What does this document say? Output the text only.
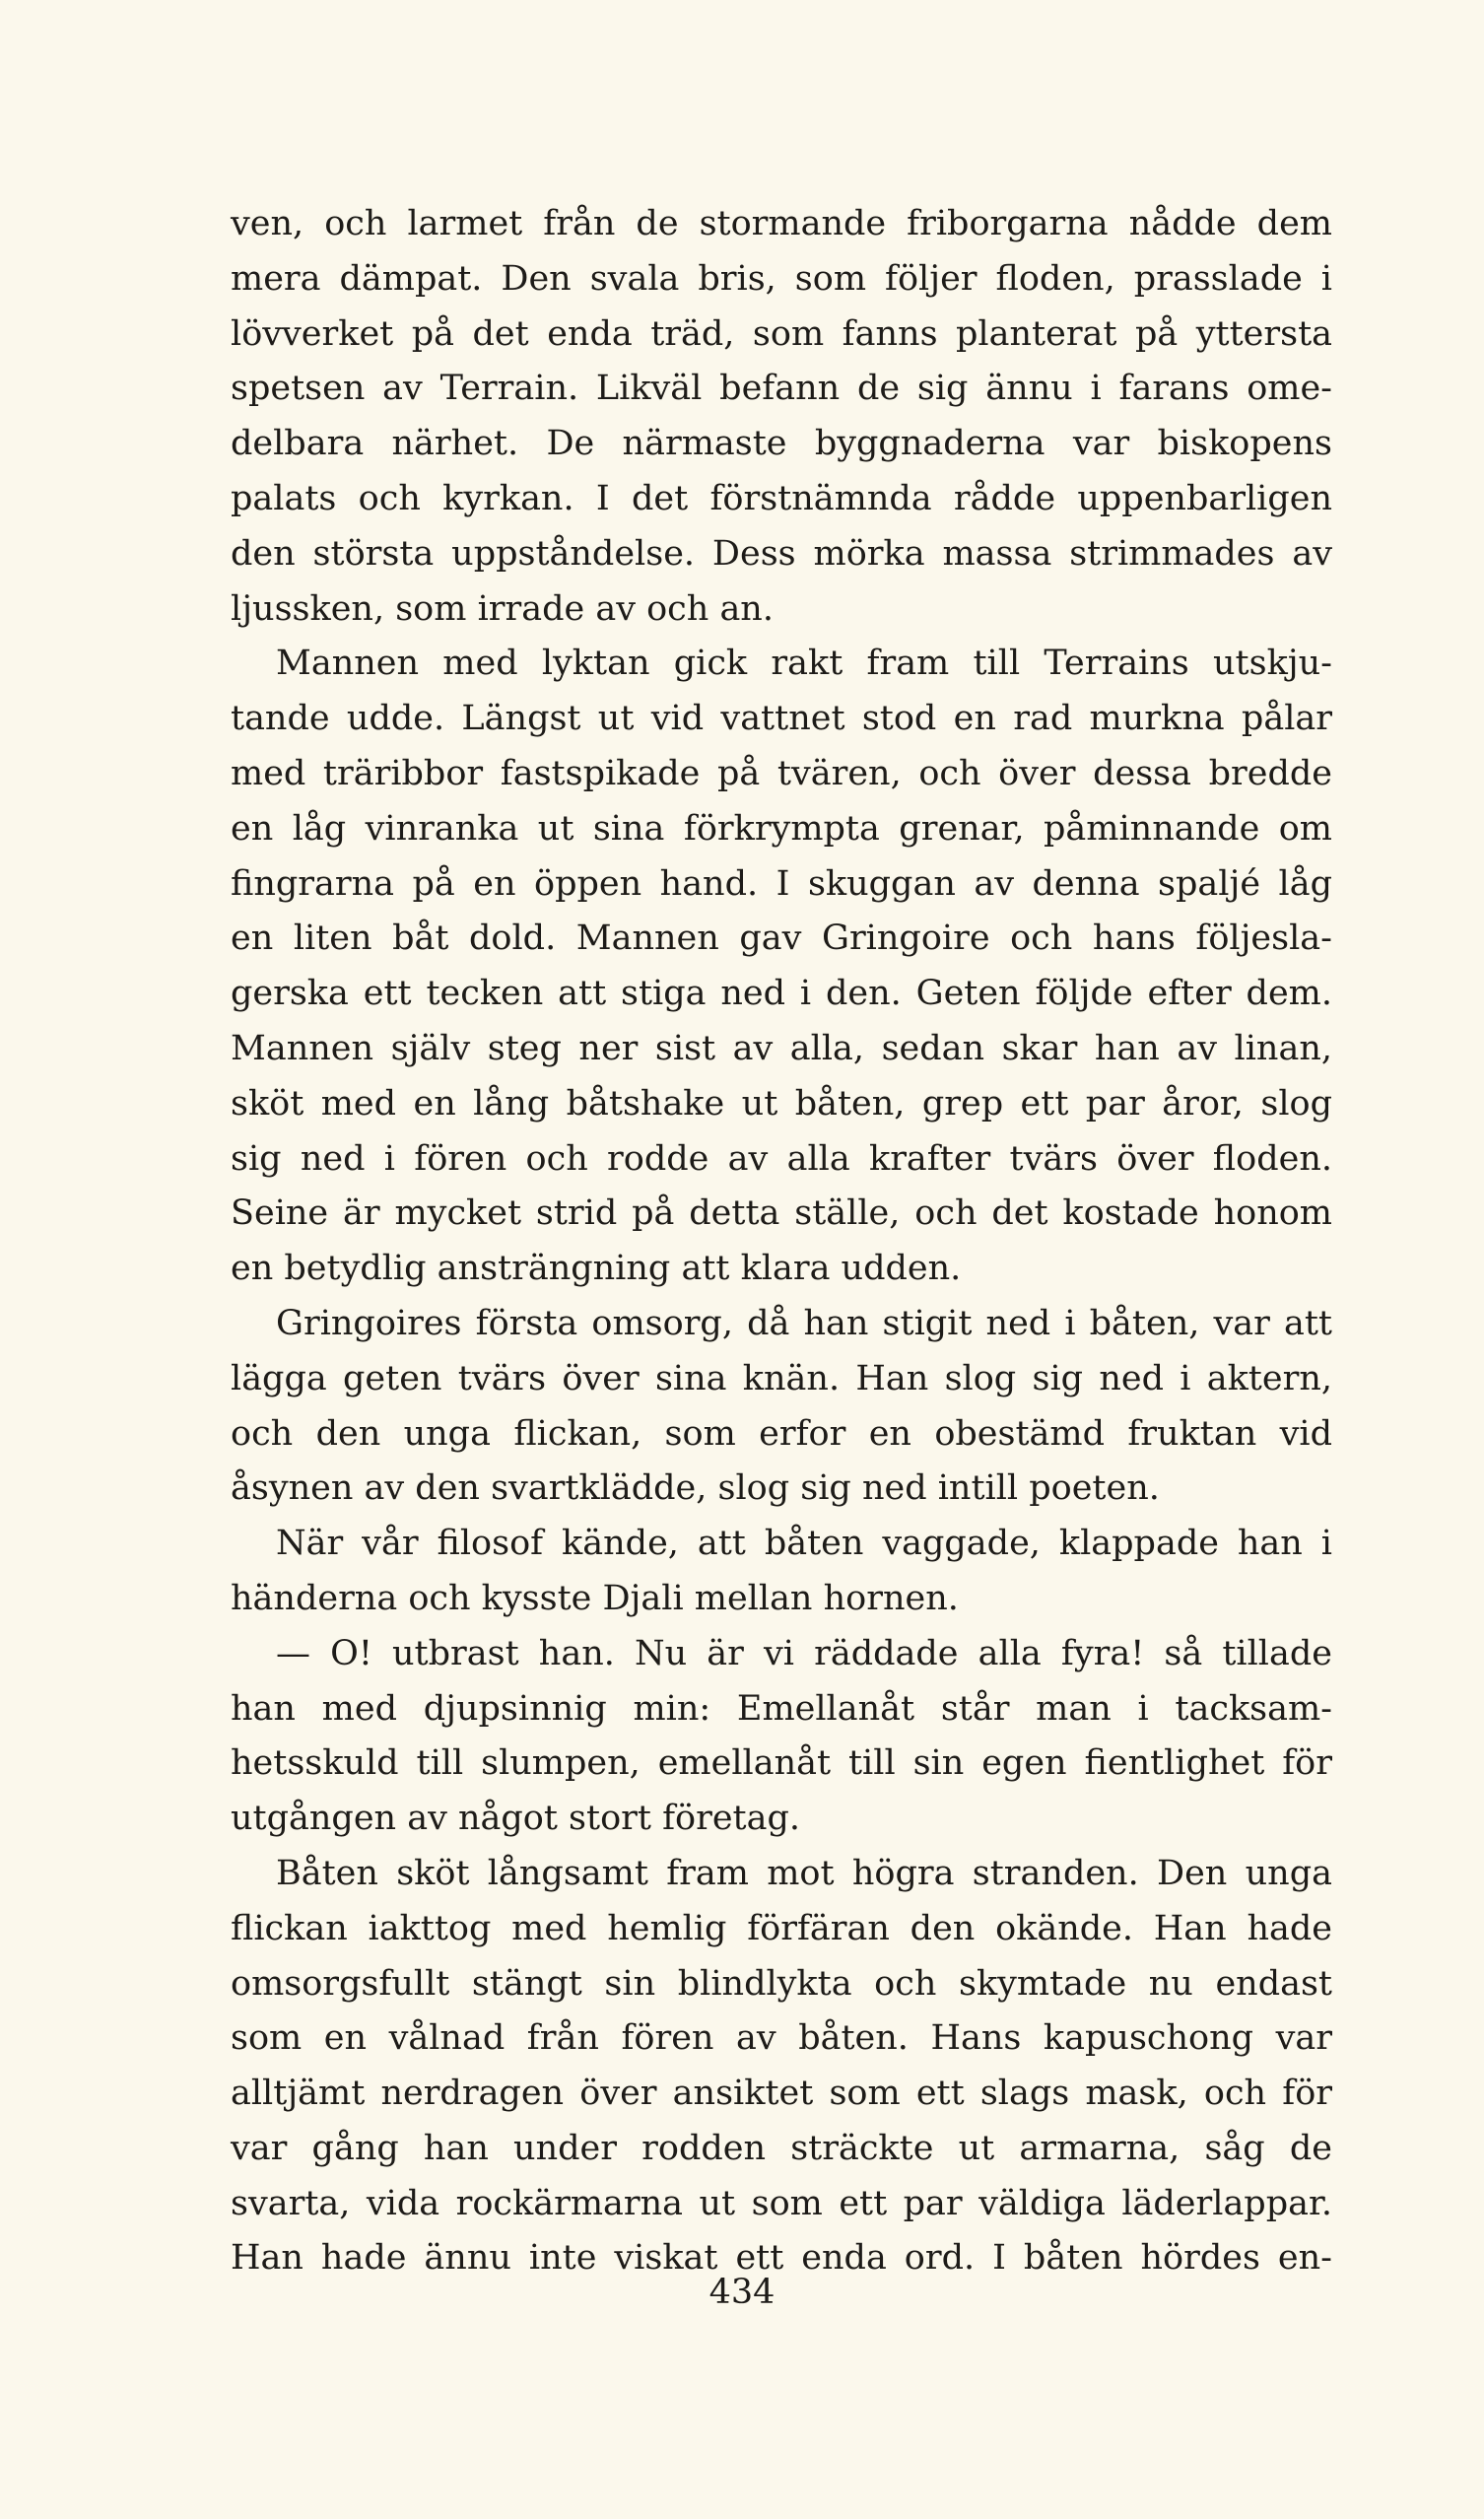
ven, och larmet från de stormande friborgarna nådde dem
mera dämpat. Den svala bris, som följer floden, prasslade i
lövverket på det enda träd, som fanns planterat på yttersta
spetsen av Terrain. Likväl befann de sig ännu i farans ome-
delbara närhet. De närmaste byggnaderna var biskopens
palats och kyrkan. I det förstnämnda rådde uppenbarligen
den största uppståndelse. Dess mörka massa strimmades av
ljussken, som irrade av och an.
Mannen med lyktan gick rakt fram till Terrains utskju-
tande udde. Längst ut vid vattnet stod en rad murkna pålar
med träribbor fastspikade på tvären, och över dessa bredde
en låg vinranka ut sina förkrympta grenar, påminnande om
fingrarna på en öppen hand. I skuggan av denna spaljé låg
en liten båt dold. Mannen gav Gringoire och hans följesla-
gerska ett tecken att stiga ned i den. Geten följde efter dem.
Mannen själv steg ner sist av alla, sedan skar han av linan,
sköt med en lång båtshake ut båten, grep ett par åror, slog
sig ned i fören och rodde av alla krafter tvärs över floden.
Seine är mycket strid på detta ställe, och det kostade honom
en betydlig ansträngning att klara udden.
Gringoires första omsorg, då han stigit ned i båten, var att
lägga geten tvärs över sina knän. Han slog sig ned i aktern,
och den unga flickan, som erfor en obestämd fruktan vid
åsynen av den svartklädde, slog sig ned intill poeten.
När vår filosof kände, att båten vaggade, klappade han i
händerna och kysste Djali mellan hornen.
— O! utbrast han. Nu är vi räddade alla fyra! så tillade
han med djupsinnig min: Emellanåt står man i tacksam-
hetsskuld till slumpen, emellanåt till sin egen fientlighet för
utgången av något stort företag.
Båten sköt långsamt fram mot högra stranden. Den unga
flickan iakttog med hemlig förfäran den okände. Han hade
omsorgsfullt stängt sin blindlykta och skymtade nu endast
som en vålnad från fören av båten. Hans kapuschong var
alltjämt nerdragen över ansiktet som ett slags mask, och för
var gång han under rodden sträckte ut armarna, såg de
svarta, vida rockärmarna ut som ett par väldiga läderlappar.
Han hade ännu inte viskat ett enda ord. I båten hördes en-
434
